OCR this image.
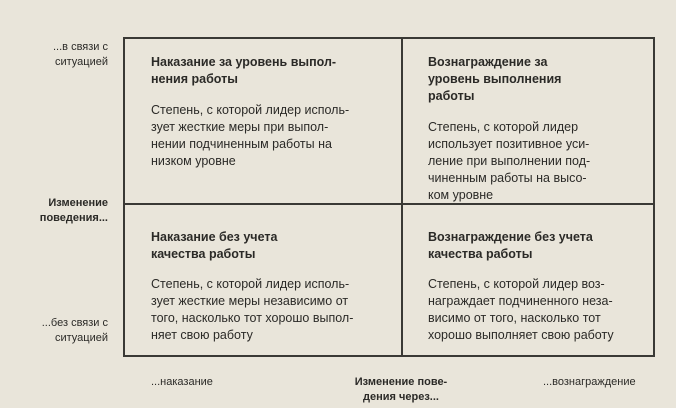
...в связи с
ситуацией
Изменение
поведения...
...без связи с
ситуацией

Наказание за уровень выпол-
нения работы

Степень, с которой лидер исполь-
зует жесткие меры при выпол-
нении подчиненным работы на
низком уровне

Вознаграждение за
уровень выполнения
работы

Степень, с которой лидер
использует позитивное уси-
ление при выполнении под-
чиненным работы на высо-
ком уровне

Наказание без учета
качества работы

Степень, с которой лидер исполь-
зует жесткие меры независимо от
того, насколько тот хорошо выпол-
няет свою работу

Вознаграждение без учета
качества работы

Степень, с которой лидер воз-
награждает подчиненного неза-
висимо от того, насколько тот
хорошо выполняет свою работу

...наказание	Изменение пове-
дения через...
...вознаграждение
